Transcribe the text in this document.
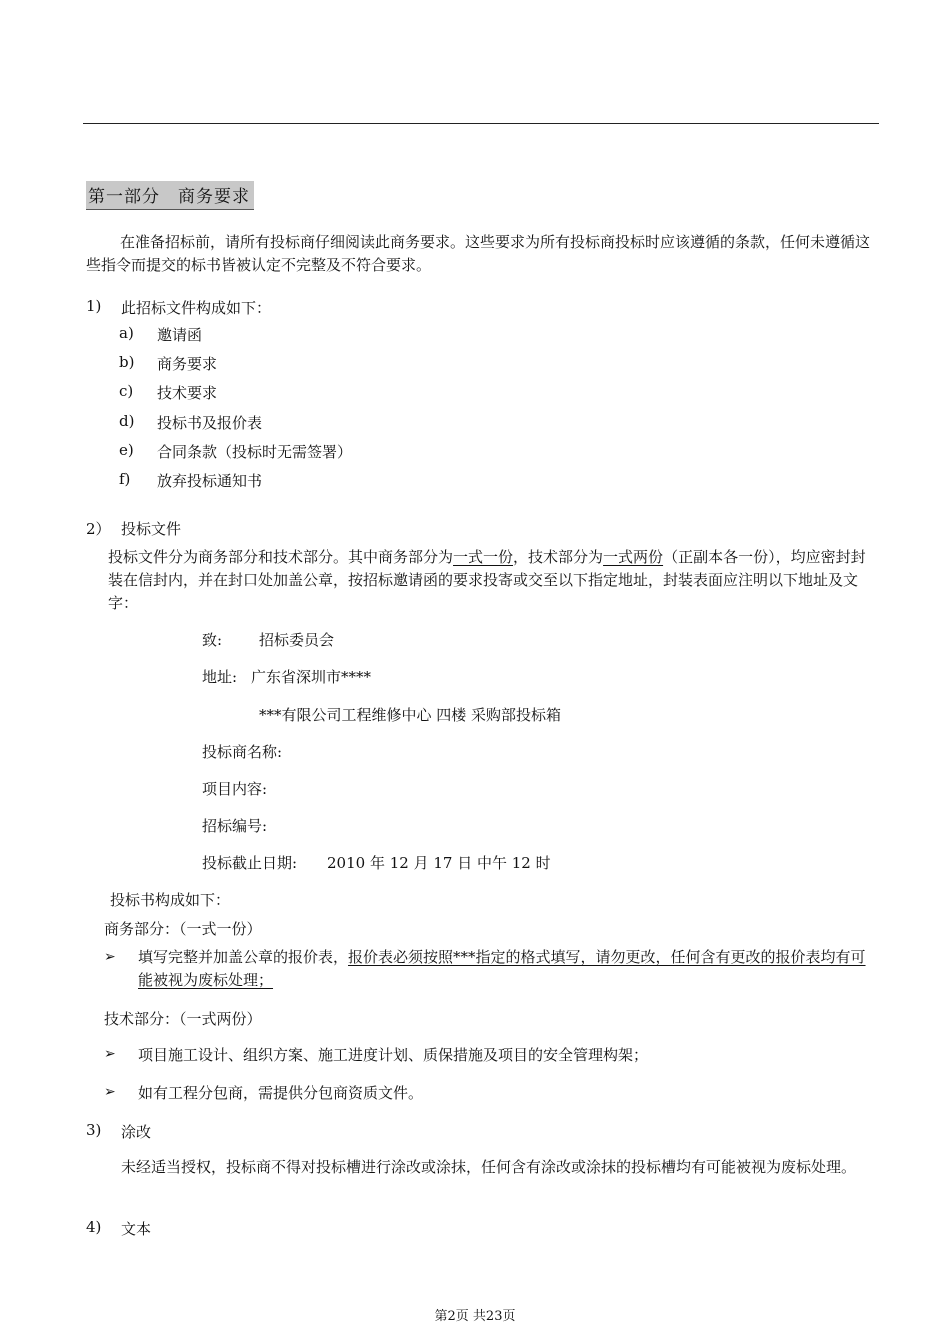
第一部分　商务要求
在准备招标前，请所有投标商仔细阅读此商务要求。这些要求为所有投标商投标时应该遵循的条款，任何未遵循这些指令而提交的标书皆被认定不完整及不符合要求。
1) 此招标文件构成如下：
a) 邀请函
b) 商务要求
c) 技术要求
d) 投标书及报价表
e) 合同条款（投标时无需签署）
f) 放弃投标通知书
2） 投标文件
投标文件分为商务部分和技术部分。其中商务部分为一式一份，技术部分为一式两份（正副本各一份），均应密封封装在信封内，并在封口处加盖公章，按招标邀请函的要求投寄或交至以下指定地址，封装表面应注明以下地址及文字：
致: 招标委员会
地址: 广东省深圳市****
***有限公司工程维修中心 四楼 采购部投标箱
投标商名称:
项目内容:
招标编号:
投标截止日期: 2010 年 12 月 17 日 中午 12 时
投标书构成如下：
商务部分：（一式一份）
➢ 填写完整并加盖公章的报价表，报价表必须按照***指定的格式填写，请勿更改，任何含有更改的报价表均有可能被视为废标处理；
技术部分：（一式两份）
➢ 项目施工设计、组织方案、施工进度计划、质保措施及项目的安全管理构架；
➢ 如有工程分包商，需提供分包商资质文件。
3) 涂改
未经适当授权，投标商不得对投标槽进行涂改或涂抹，任何含有涂改或涂抹的投标槽均有可能被视为废标处理。
4) 文本
第2页 共23页
